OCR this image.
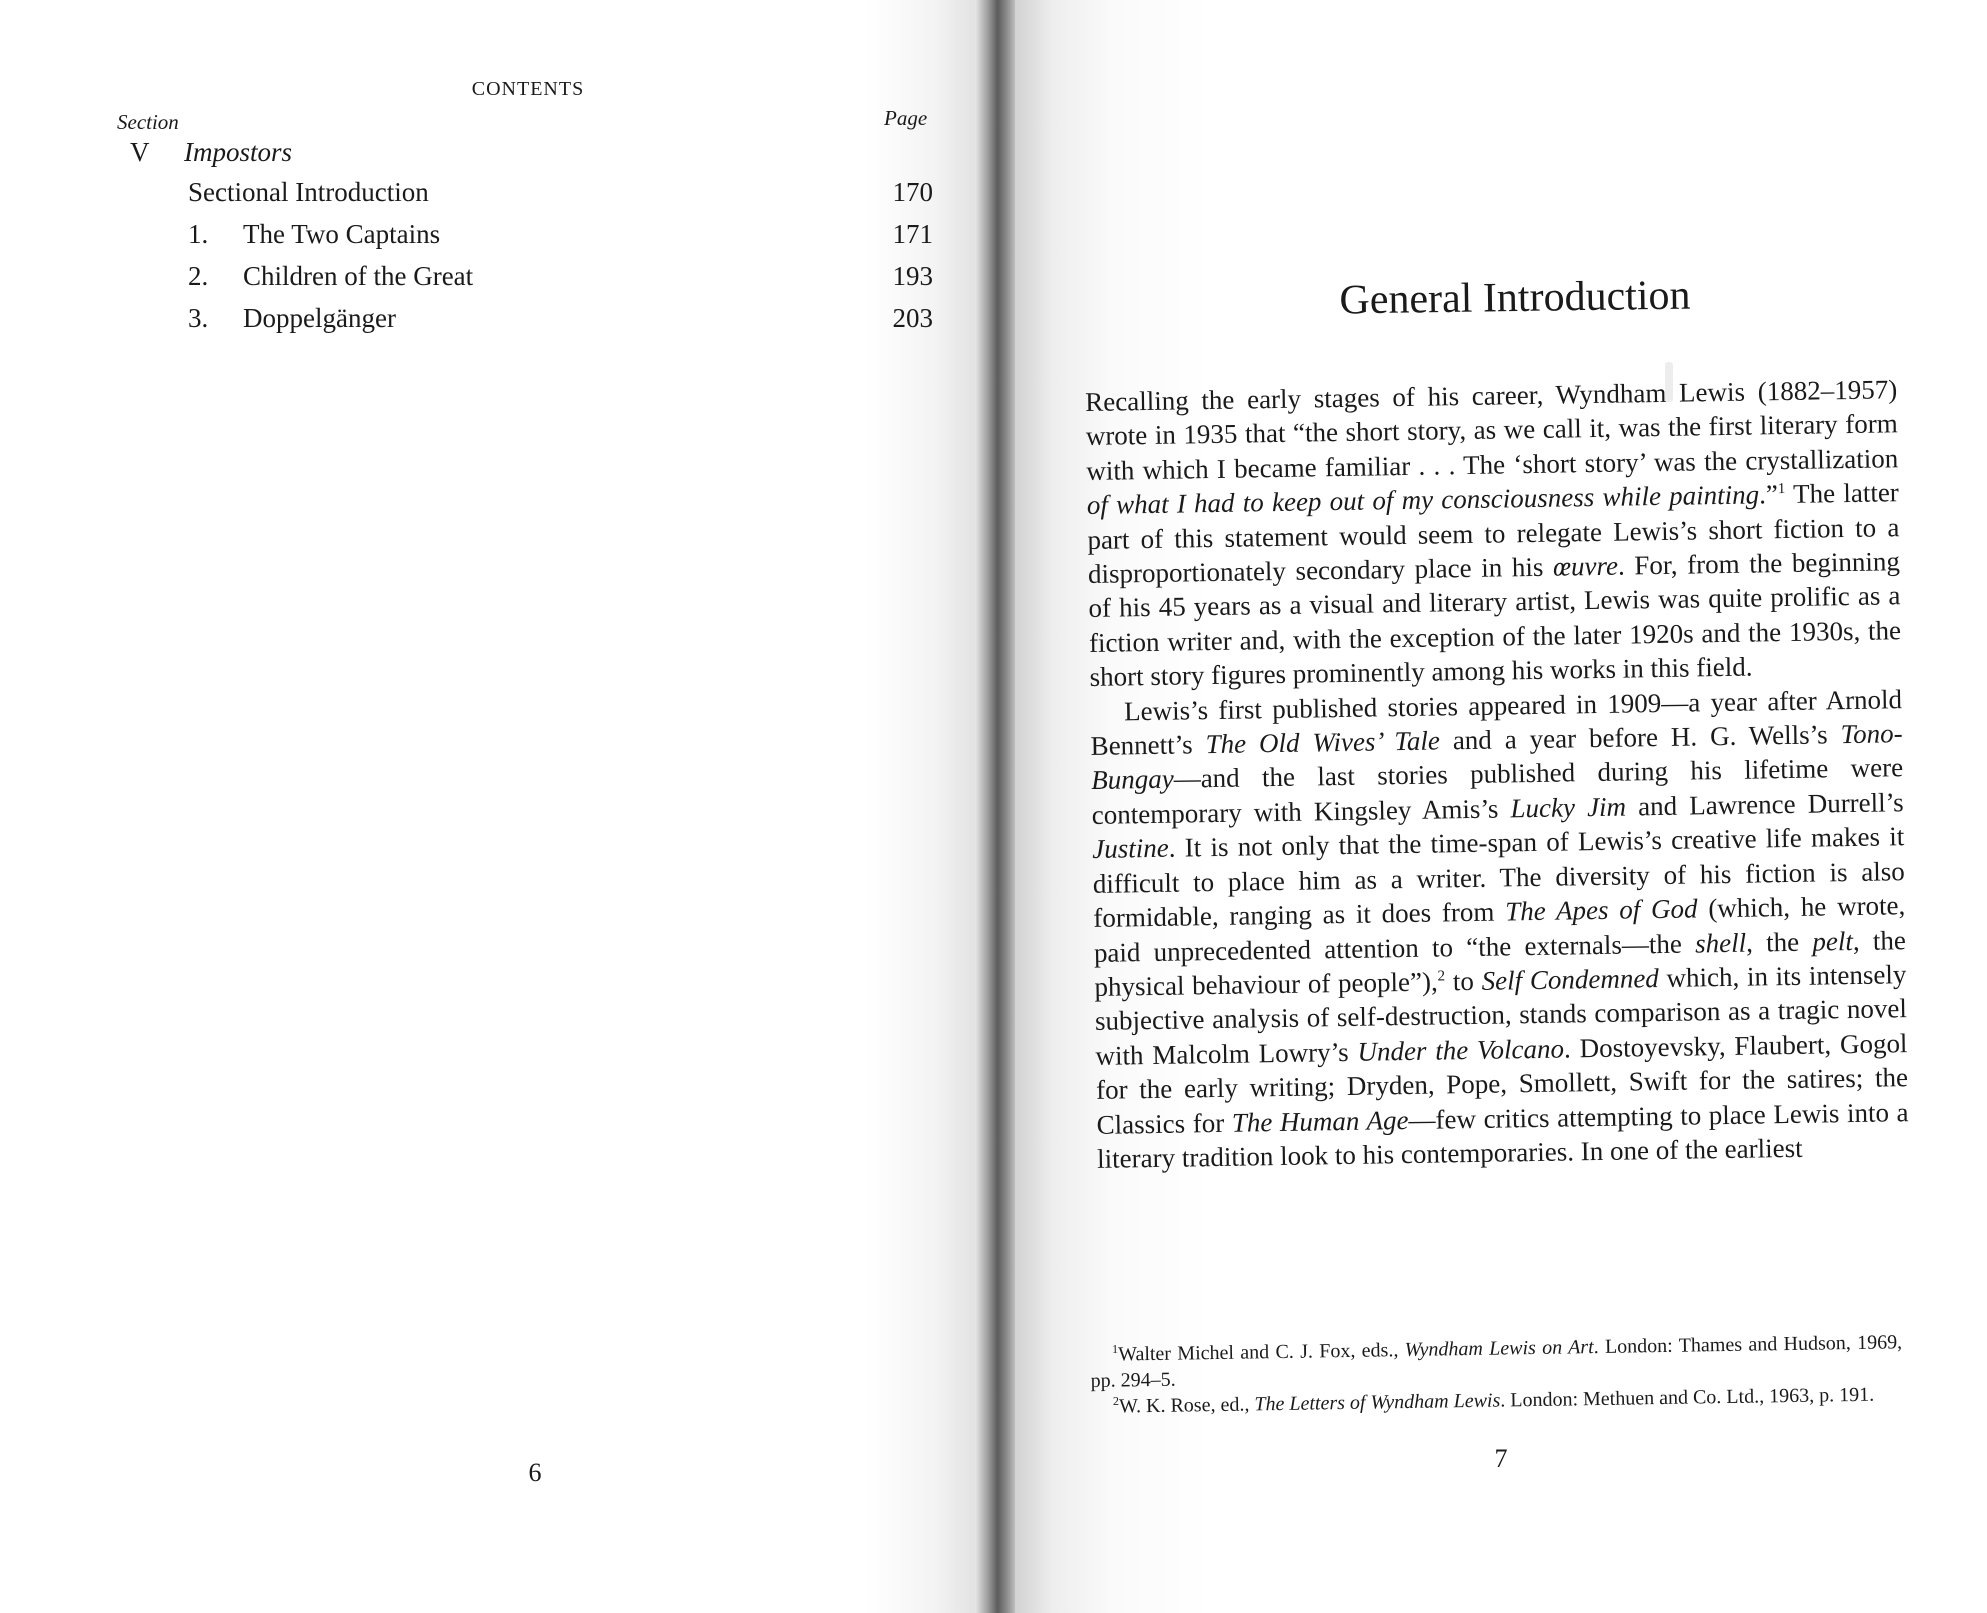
CONTENTS
Section	Page
V Impostors
Sectional Introduction	170
1. The Two Captains	171
2. Children of the Great	193
3. Doppelgänger	203
6
General Introduction

Recalling the early stages of his career, Wyndham Lewis (1882–1957) wrote in 1935 that “the short story, as we call it, was the first literary form with which I became familiar . . . The ‘short story’ was the crystallization of what I had to keep out of my consciousness while painting.”$^1$ The latter part of this statement would seem to relegate Lewis’s short fiction to a disproportionately secondary place in his œuvre. For, from the beginning of his 45 years as a visual and literary artist, Lewis was quite prolific as a fiction writer and, with the exception of the later 1920s and the 1930s, the short story figures prominently among his works in this field.

Lewis’s first published stories appeared in 1909—a year after Arnold Bennett’s The Old Wives’ Tale and a year before H. G. Wells’s Tono-Bungay—and the last stories published during his lifetime were contemporary with Kingsley Amis’s Lucky Jim and Lawrence Durrell’s Justine. It is not only that the time-span of Lewis’s creative life makes it difficult to place him as a writer. The diversity of his fiction is also formidable, ranging as it does from The Apes of God (which, he wrote, paid unprecedented attention to “the externals—the shell, the pelt, the physical behaviour of people”),$^2$ to Self Condemned which, in its intensely subjective analysis of self-destruction, stands comparison as a tragic novel with Malcolm Lowry’s Under the Volcano. Dostoyevsky, Flaubert, Gogol for the early writing; Dryden, Pope, Smollett, Swift for the satires; the Classics for The Human Age—few critics attempting to place Lewis into a literary tradition look to his contemporaries. In one of the earliest

$^1$Walter Michel and C. J. Fox, eds., Wyndham Lewis on Art. London: Thames and Hudson, 1969, pp. 294–5.

$^2$W. K. Rose, ed., The Letters of Wyndham Lewis. London: Methuen and Co. Ltd., 1963, p. 191.

7
